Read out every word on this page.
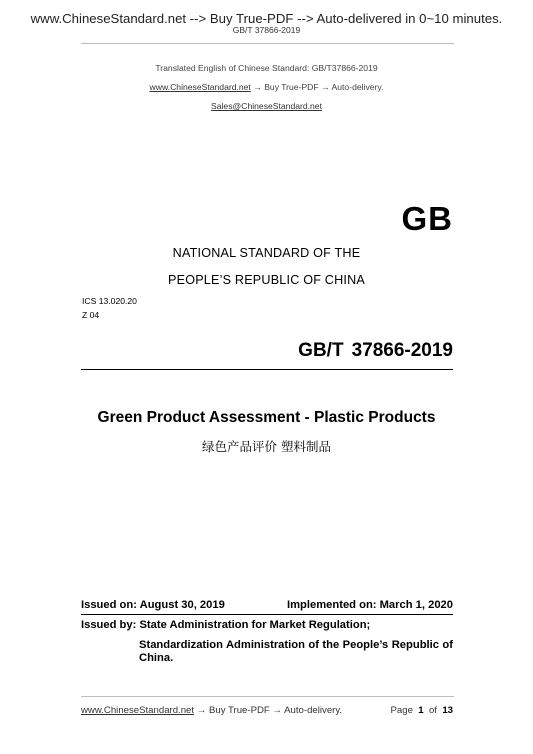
www.ChineseStandard.net --> Buy True-PDF --> Auto-delivered in 0~10 minutes.
GB/T 37866-2019
Translated English of Chinese Standard: GB/T37866-2019
www.ChineseStandard.net → Buy True-PDF → Auto-delivery.
Sales@ChineseStandard.net
GB
NATIONAL STANDARD OF THE
PEOPLE’S REPUBLIC OF CHINA
ICS 13.020.20
Z 04
GB/T 37866-2019
Green Product Assessment - Plastic Products
绿色产品评价 塑料制品
Issued on: August 30, 2019	Implemented on: March 1, 2020
Issued by: State Administration for Market Regulation;
Standardization Administration of the People’s Republic of
China.
www.ChineseStandard.net → Buy True-PDF → Auto-delivery.	Page 1 of 13
